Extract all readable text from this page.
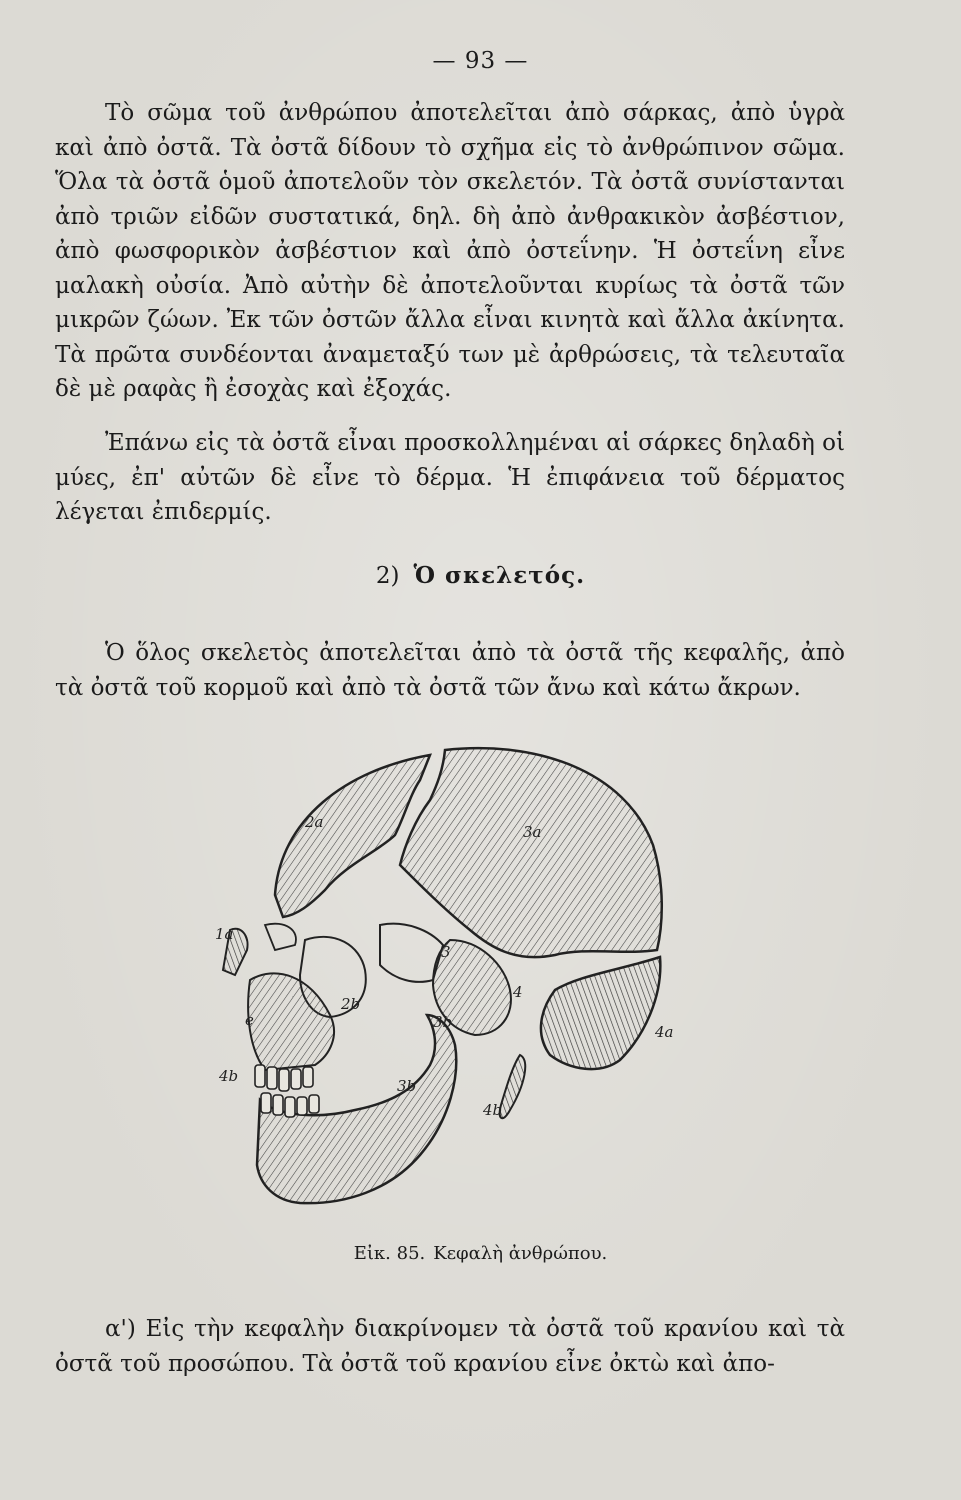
— 93 —

Τὸ σῶμα τοῦ ἀνθρώπου ἀποτελεῖται ἀπὸ σάρκας, ἀπὸ ὑγρὰ καὶ ἀπὸ ὀστᾶ. Τὰ ὀστᾶ δίδουν τὸ σχῆμα εἰς τὸ ἀνθρώπινον σῶμα. Ὅλα τὰ ὀστᾶ ὁμοῦ ἀποτελοῦν τὸν σκελετόν. Τὰ ὀστᾶ συνίστανται ἀπὸ τριῶν εἰδῶν συστατικά, δηλ. δὴ ἀπὸ ἀνθρακικὸν ἀσβέστιον, ἀπὸ φωσφορικὸν ἀσβέστιον καὶ ἀπὸ ὀστεΐνην. Ἡ ὀστεΐνη εἶνε μαλακὴ οὐσία. Ἀπὸ αὐτὴν δὲ ἀποτελοῦνται κυρίως τὰ ὀστᾶ τῶν μικρῶν ζώων. Ἐκ τῶν ὀστῶν ἄλλα εἶναι κινητὰ καὶ ἄλλα ἀκίνητα. Τὰ πρῶτα συνδέονται ἀναμεταξύ των μὲ ἀρθρώσεις, τὰ τελευταῖα δὲ μὲ ραφὰς ἢ ἐσοχὰς καὶ ἐξοχάς.

Ἐπάνω εἰς τὰ ὀστᾶ εἶναι προσκολλημέναι αἱ σάρκες δηλαδὴ οἱ μύες, ἐπ' αὐτῶν δὲ εἶνε τὸ δέρμα. Ἡ ἐπιφάνεια τοῦ δέρματος λέγεται ἐπιδερμίς.

2) Ὁ σκελετός.

Ὁ ὅλος σκελετὸς ἀποτελεῖται ἀπὸ τὰ ὀστᾶ τῆς κεφαλῆς, ἀπὸ τὰ ὀστᾶ τοῦ κορμοῦ καὶ ἀπὸ τὰ ὀστᾶ τῶν ἄνω καὶ κάτω ἄκρων.

2a
3a
1a
3
2b
4
3b
e
4b
3b
4b
4a
Εἰκ. 85. Κεφαλὴ ἀνθρώπου.

α') Εἰς τὴν κεφαλὴν διακρίνομεν τὰ ὀστᾶ τοῦ κρανίου καὶ τὰ ὀστᾶ τοῦ προσώπου. Τὰ ὀστᾶ τοῦ κρανίου εἶνε ὀκτὼ καὶ ἀπο-
